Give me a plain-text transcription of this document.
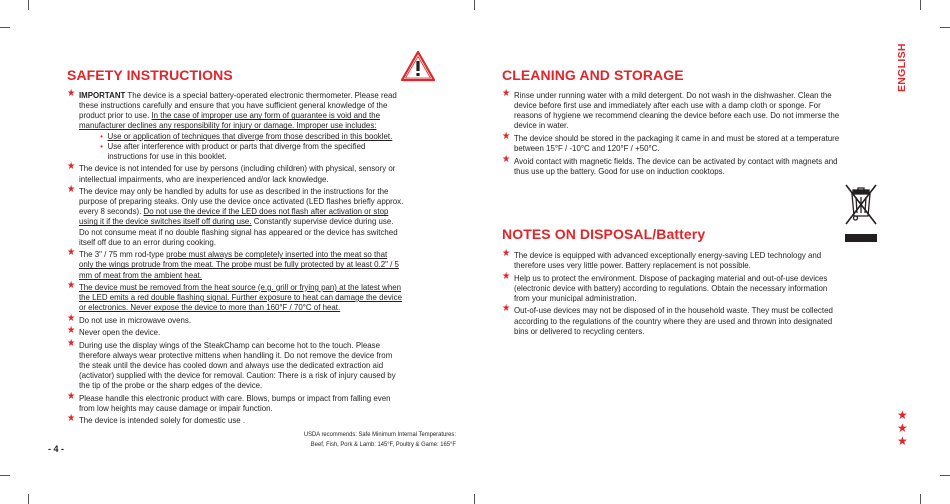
SAFETY INSTRUCTIONS
★ IMPORTANT The device is a special battery-operated electronic thermometer. Please read these instructions carefully and ensure that you have sufficient general knowledge of the product prior to use. In the case of improper use any form of guarantee is void and the manufacturer declines any responsibility for injury or damage. Improper use includes:
• Use or application of techniques that diverge from those described in this booklet.
• Use after interference with product or parts that diverge from the specified instructions for use in this booklet.
★ The device is not intended for use by persons (including children) with physical, sensory or intellectual impairments, who are inexperienced and/or lack knowledge.
★ The device may only be handled by adults for use as described in the instructions for the purpose of preparing steaks. Only use the device once activated (LED flashes briefly approx. every 8 seconds). Do not use the device if the LED does not flash after activation or stop using it if the device switches itself off during use. Constantly supervise device during use. Do not consume meat if no double flashing signal has appeared or the device has switched itself off due to an error during cooking.
★ The 3" / 75 mm rod-type probe must always be completely inserted into the meat so that only the wings protrude from the meat. The probe must be fully protected by at least 0.2" / 5 mm of meat from the ambient heat.
★ The device must be removed from the heat source (e.g. grill or frying pan) at the latest when the LED emits a red double flashing signal. Further exposure to heat can damage the device or electronics. Never expose the device to more than 160°F / 70°C of heat.
★ Do not use in microwave ovens.
★ Never open the device.
★ During use the display wings of the SteakChamp can become hot to the touch. Please therefore always wear protective mittens when handling it. Do not remove the device from the steak until the device has cooled down and always use the dedicated extraction aid (activator) supplied with the device for removal. Caution: There is a risk of injury caused by the tip of the probe or the sharp edges of the device.
★ Please handle this electronic product with care. Blows, bumps or impact from falling even from low heights may cause damage or impair function.
★ The device is intended solely for domestic use .
USDA recommends: Safe Minimum Internal Temperatures:
Beef, Fish, Pork & Lamb: 145°F, Poultry & Game: 165°F
- 4 -
CLEANING AND STORAGE
★ Rinse under running water with a mild detergent. Do not wash in the dishwasher. Clean the device before first use and immediately after each use with a damp cloth or sponge. For reasons of hygiene we recommend cleaning the device before each use. Do not immerse the device in water.
★ The device should be stored in the packaging it came in and must be stored at a temperature between 15°F / -10°C and 120°F / +50°C.
★ Avoid contact with magnetic fields. The device can be activated by contact with magnets and thus use up the battery. Good for use on induction cooktops.
NOTES ON DISPOSAL/Battery
★ The device is equipped with advanced exceptionally energy-saving LED technology and therefore uses very little power. Battery replacement is not possible.
★ Help us to protect the environment. Dispose of packaging material and out-of-use devices (electronic device with battery) according to regulations. Obtain the necessary information from your municipal administration.
★ Out-of-use devices may not be disposed of in the household waste. They must be collected according to the regulations of the country where they are used and thrown into designated bins or delivered to recycling centers.
ENGLISH
★
★
★
